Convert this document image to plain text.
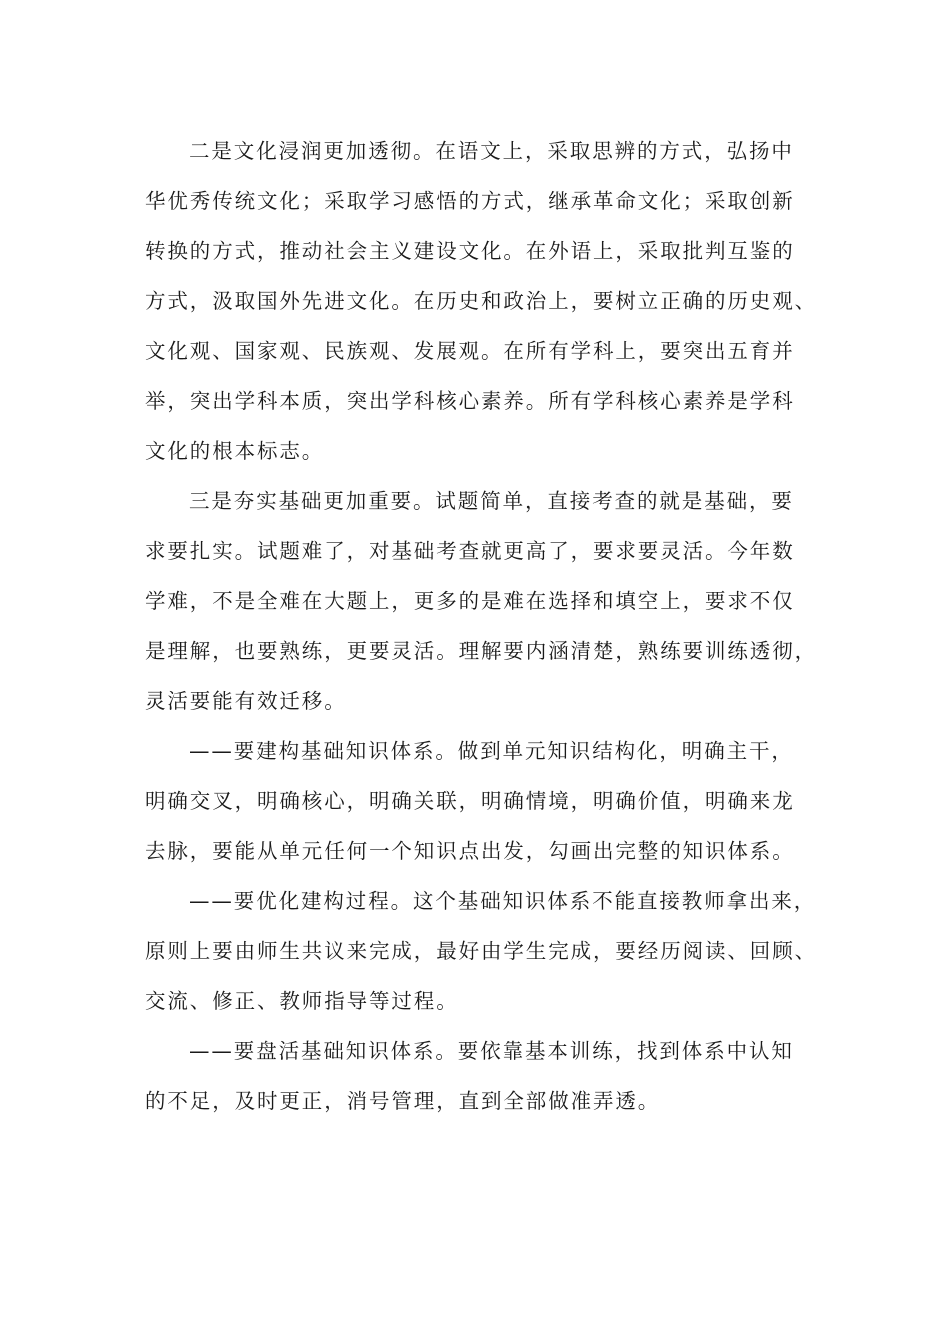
二是文化浸润更加透彻。在语文上，采取思辨的方式，弘扬中
华优秀传统文化；采取学习感悟的方式，继承革命文化；采取创新
转换的方式，推动社会主义建设文化。在外语上，采取批判互鉴的
方式，汲取国外先进文化。在历史和政治上，要树立正确的历史观、
文化观、国家观、民族观、发展观。在所有学科上，要突出五育并
举，突出学科本质，突出学科核心素养。所有学科核心素养是学科
文化的根本标志。
三是夯实基础更加重要。试题简单，直接考查的就是基础，要
求要扎实。试题难了，对基础考查就更高了，要求要灵活。今年数
学难，不是全难在大题上，更多的是难在选择和填空上，要求不仅
是理解，也要熟练，更要灵活。理解要内涵清楚，熟练要训练透彻，
灵活要能有效迁移。
——要建构基础知识体系。做到单元知识结构化，明确主干，
明确交叉，明确核心，明确关联，明确情境，明确价值，明确来龙
去脉，要能从单元任何一个知识点出发，勾画出完整的知识体系。
——要优化建构过程。这个基础知识体系不能直接教师拿出来，
原则上要由师生共议来完成，最好由学生完成，要经历阅读、回顾、
交流、修正、教师指导等过程。
——要盘活基础知识体系。要依靠基本训练，找到体系中认知
的不足，及时更正，消号管理，直到全部做准弄透。
